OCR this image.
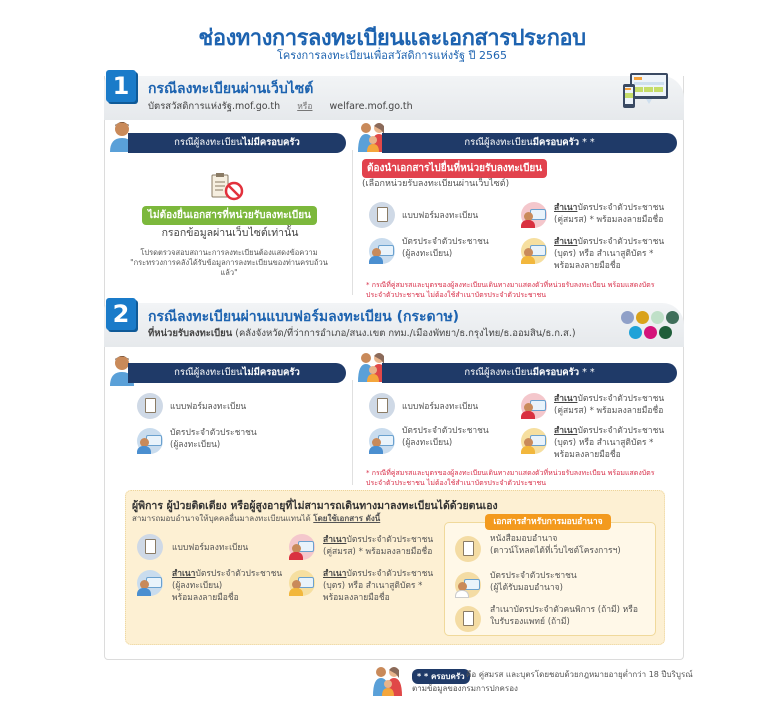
ช่องทางการลงทะเบียนและเอกสารประกอบ
โครงการลงทะเบียนเพื่อสวัสดิการแห่งรัฐ ปี 2565
1	กรณีลงทะเบียนผ่านเว็บไซต์
บัตรสวัสดิการแห่งรัฐ.mof.go.th หรือ welfare.mof.go.th
กรณีผู้ลงทะเบียนไม่มีครอบครัว
ไม่ต้องยื่นเอกสารที่หน่วยรับลงทะเบียน
กรอกข้อมูลผ่านเว็บไซต์เท่านั้น
โปรดตรวจสอบสถานะการลงทะเบียนต้องแสดงข้อความ
"กระทรวงการคลังได้รับข้อมูลการลงทะเบียนของท่านครบถ้วนแล้ว"
กรณีผู้ลงทะเบียนมีครอบครัว * *
ต้องนำเอกสารไปยื่นที่หน่วยรับลงทะเบียน
(เลือกหน่วยรับลงทะเบียนผ่านเว็บไซต์)
แบบฟอร์มลงทะเบียน
บัตรประจำตัวประชาชน
(ผู้ลงทะเบียน)
สำเนาบัตรประจำตัวประชาชน
(คู่สมรส) * พร้อมลงลายมือชื่อ
สำเนาบัตรประจำตัวประชาชน
(บุตร) หรือ สำเนาสูติบัตร *
พร้อมลงลายมือชื่อ
* กรณีที่คู่สมรสและบุตรของผู้ลงทะเบียนเดินทางมาแสดงตัวที่หน่วยรับลงทะเบียน พร้อมแสดงบัตร
ประจำตัวประชาชน ไม่ต้องใช้สำเนาบัตรประจำตัวประชาชน
2	กรณีลงทะเบียนผ่านแบบฟอร์มลงทะเบียน (กระดาษ)
ที่หน่วยรับลงทะเบียน (คลังจังหวัด/ที่ว่าการอำเภอ/สนง.เขต กทม./เมืองพัทยา/ธ.กรุงไทย/ธ.ออมสิน/ธ.ก.ส.)
กรณีผู้ลงทะเบียนไม่มีครอบครัว
แบบฟอร์มลงทะเบียน
บัตรประจำตัวประชาชน
(ผู้ลงทะเบียน)
กรณีผู้ลงทะเบียนมีครอบครัว * *
แบบฟอร์มลงทะเบียน
บัตรประจำตัวประชาชน
(ผู้ลงทะเบียน)
สำเนาบัตรประจำตัวประชาชน
(คู่สมรส) * พร้อมลงลายมือชื่อ
สำเนาบัตรประจำตัวประชาชน
(บุตร) หรือ สำเนาสูติบัตร *
พร้อมลงลายมือชื่อ
* กรณีที่คู่สมรสและบุตรของผู้ลงทะเบียนเดินทางมาแสดงตัวที่หน่วยรับลงทะเบียน พร้อมแสดงบัตร
ประจำตัวประชาชน ไม่ต้องใช้สำเนาบัตรประจำตัวประชาชน
ผู้พิการ ผู้ป่วยติดเตียง หรือผู้สูงอายุที่ไม่สามารถเดินทางมาลงทะเบียนได้ด้วยตนเอง
สามารถมอบอำนาจให้บุคคลอื่นมาลงทะเบียนแทนได้ โดยใช้เอกสาร ดังนี้
แบบฟอร์มลงทะเบียน
สำเนาบัตรประจำตัวประชาชน
(ผู้ลงทะเบียน)
พร้อมลงลายมือชื่อ
สำเนาบัตรประจำตัวประชาชน
(คู่สมรส) * พร้อมลงลายมือชื่อ
สำเนาบัตรประจำตัวประชาชน
(บุตร) หรือ สำเนาสูติบัตร *
พร้อมลงลายมือชื่อ
เอกสารสำหรับการมอบอำนาจ
หนังสือมอบอำนาจ
(ดาวน์โหลดได้ที่เว็บไซต์โครงการฯ)
บัตรประจำตัวประชาชน
(ผู้ได้รับมอบอำนาจ)
สำเนาบัตรประจำตัวคนพิการ (ถ้ามี) หรือ
ใบรับรองแพทย์ (ถ้ามี)
* * ครอบครัว คือ คู่สมรส และบุตรโดยชอบด้วยกฎหมายอายุต่ำกว่า 18 ปีบริบูรณ์
ตามข้อมูลของกรมการปกครอง
